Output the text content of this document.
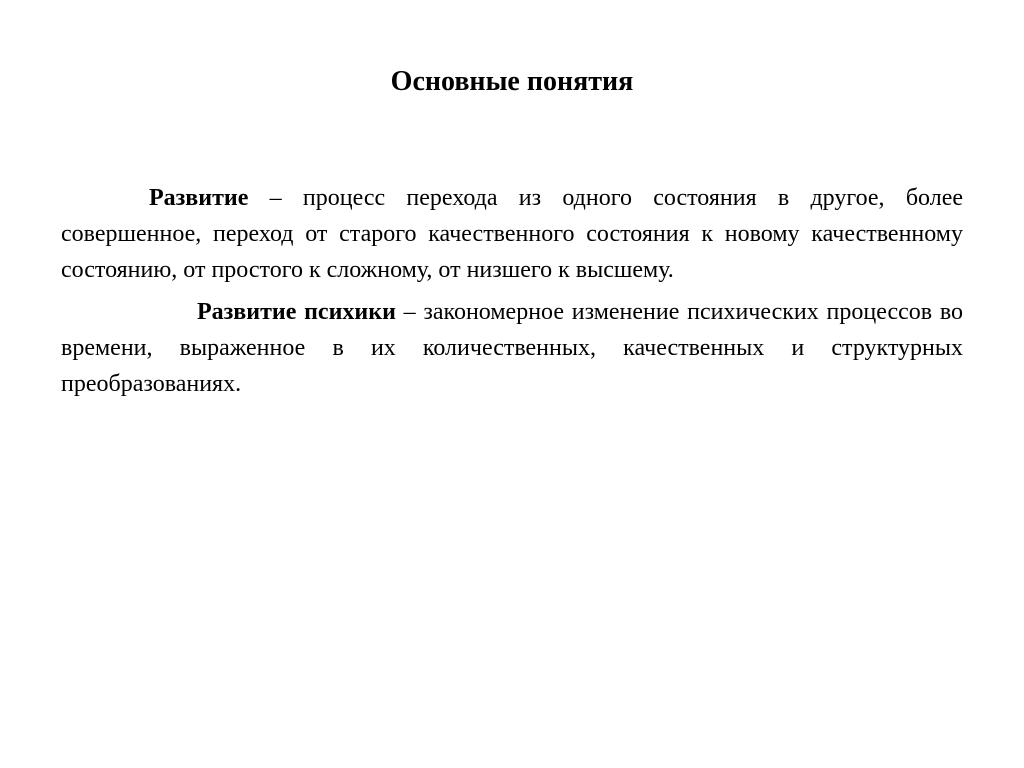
Основные понятия

Развитие – процесс перехода из одного состояния в другое, более совершенное, переход от старого качественного состояния к новому качественному состоянию, от простого к сложному, от низшего к высшему.

Развитие психики – закономерное изменение психических процессов во времени, выраженное в их количественных, качественных и структурных преобразованиях.
